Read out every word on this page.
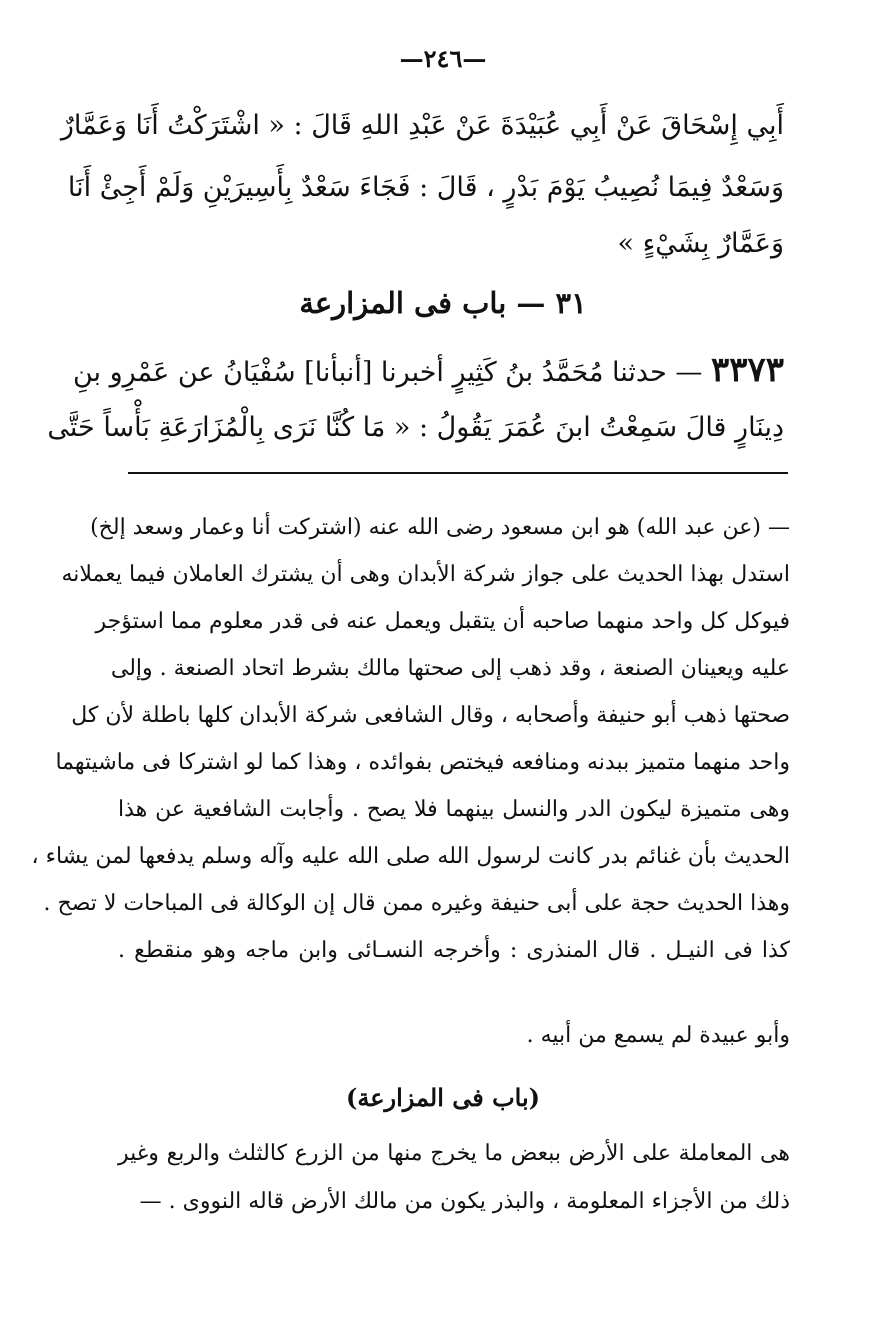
—٢٤٦—
أَبِي إِسْحَاقَ عَنْ أَبِي عُبَيْدَةَ عَنْ عَبْدِ اللهِ قَالَ : « اشْتَرَكْتُ أَنَا وَعَمَّارٌ
وَسَعْدٌ فِيمَا نُصِيبُ يَوْمَ بَدْرٍ ، قَالَ : فَجَاءَ سَعْدٌ بِأَسِيرَيْنِ وَلَمْ أَجِئْ أَنَا
وَعَمَّارٌ بِشَيْءٍ »
٣١ — باب فى المزارعة
٣٣٧٣ — حدثنا مُحَمَّدُ بنُ كَثِيرٍ أخبرنا [أنبأنا] سُفْيَانُ عن عَمْرِو بنِ
دِينَارٍ قالَ سَمِعْتُ ابنَ عُمَرَ يَقُولُ : « مَا كُنَّا نَرَى بِالْمُزَارَعَةِ بَأْساً حَتَّى
— (عن عبد الله) هو ابن مسعود رضى الله عنه (اشتركت أنا وعمار وسعد إلخ)
استدل بهذا الحديث على جواز شركة الأبدان وهى أن يشترك العاملان فيما يعملانه
فيوكل كل واحد منهما صاحبه أن يتقبل ويعمل عنه فى قدر معلوم مما استؤجر
عليه ويعينان الصنعة ، وقد ذهب إلى صحتها مالك بشرط اتحاد الصنعة . وإلى
صحتها ذهب أبو حنيفة وأصحابه ، وقال الشافعى شركة الأبدان كلها باطلة لأن كل
واحد منهما متميز ببدنه ومنافعه فيختص بفوائده ، وهذا كما لو اشتركا فى ماشيتهما
وهى متميزة ليكون الدر والنسل بينهما فلا يصح . وأجابت الشافعية عن هذا
الحديث بأن غنائم بدر كانت لرسول الله صلى الله عليه وآله وسلم يدفعها لمن يشاء ،
وهذا الحديث حجة على أبى حنيفة وغيره ممن قال إن الوكالة فى المباحات لا تصح .
كذا فى النيـل . قال المنذرى : وأخرجه النسـائى وابن ماجه وهو منقطع .
وأبو عبيدة لم يسمع من أبيه .
(باب فى المزارعة)
هى المعاملة على الأرض ببعض ما يخرج منها من الزرع كالثلث والربع وغير
ذلك من الأجزاء المعلومة ، والبذر يكون من مالك الأرض قاله النووى . —
